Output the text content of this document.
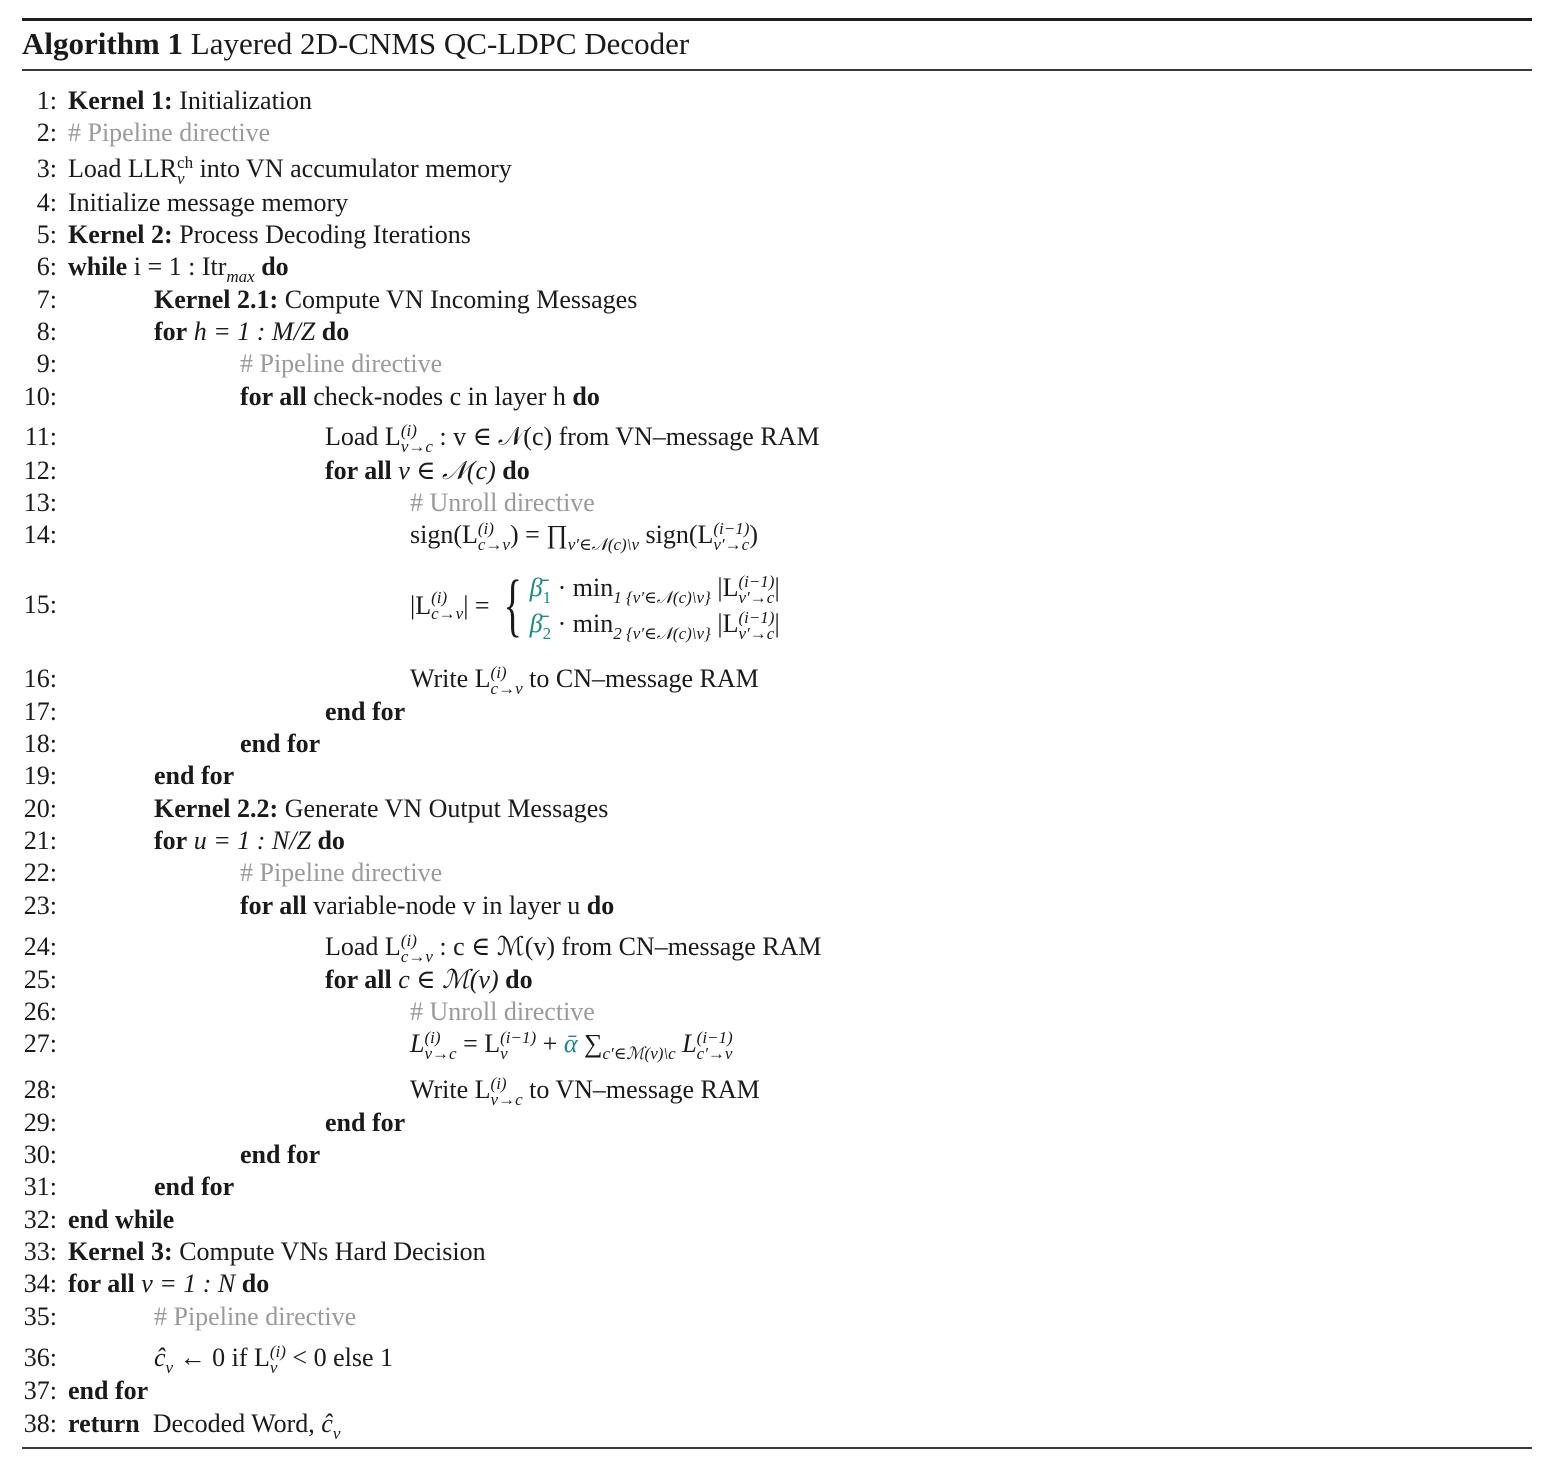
Algorithm 1 Layered 2D-CNMS QC-LDPC Decoder
1: Kernel 1: Initialization
2: # Pipeline directive
3: Load LLR ch
v into VN accumulator memory
4: Initialize message memory
5: Kernel 2: Process Decoding Iterations
6: while i = 1 : Itr$_{max}$ do
7:	Kernel 2.1: Compute VN Incoming Messages
8:	for h = 1 : M/Z do
9:	# Pipeline directive
10:	for all check-nodes c in layer h do
11:	Load L (i)
v→c : v ∈ 𝒩(c) from VN–message RAM
12:	for all v ∈ 𝒩(c) do
13:	# Unroll directive
14:	sign(L (i)
c→v ) = $\prod_{v'\in 𝒩(c)\backslash v}$ sign(L (i−1)
v′→c )
15:	|L (i)
c→v | = { $\betā_1 \cdot \min_{1 \{v'\in 𝒩(c)\backslash v\}} |L$ (i−1)
v′→c |
$\betā_2 \cdot \min_{2 \{v'\in 𝒩(c)\backslash v\}} |L$ (i−1)
v′→c |
16:	Write L (i)
c→v to CN–message RAM
17:	end for
18:	end for
19:	end for
20:	Kernel 2.2: Generate VN Output Messages
21:	for u = 1 : N/Z do
22:	# Pipeline directive
23:	for all variable-node v in layer u do
24:	Load L (i)
c→v : c ∈ ℳ(v) from CN–message RAM
25:	for all c ∈ ℳ(v) do
26:	# Unroll directive
27:	L (i)
v→c = L (i−1)
v	+ ᾱ $\sum_{c'\in ℳ(v)\backslash c}$ L (i−1)
c′→v
28:	Write L (i)
v→c to VN–message RAM
29:	end for
30:	end for
31:	end for
32: end while
33: Kernel 3: Compute VNs Hard Decision
34: for all v = 1 : N do
35:	# Pipeline directive
36:	$ĉ_v$ ← 0 if L (i)
v < 0 else 1
37: end for
38: return  Decoded Word, $ĉ_v$
